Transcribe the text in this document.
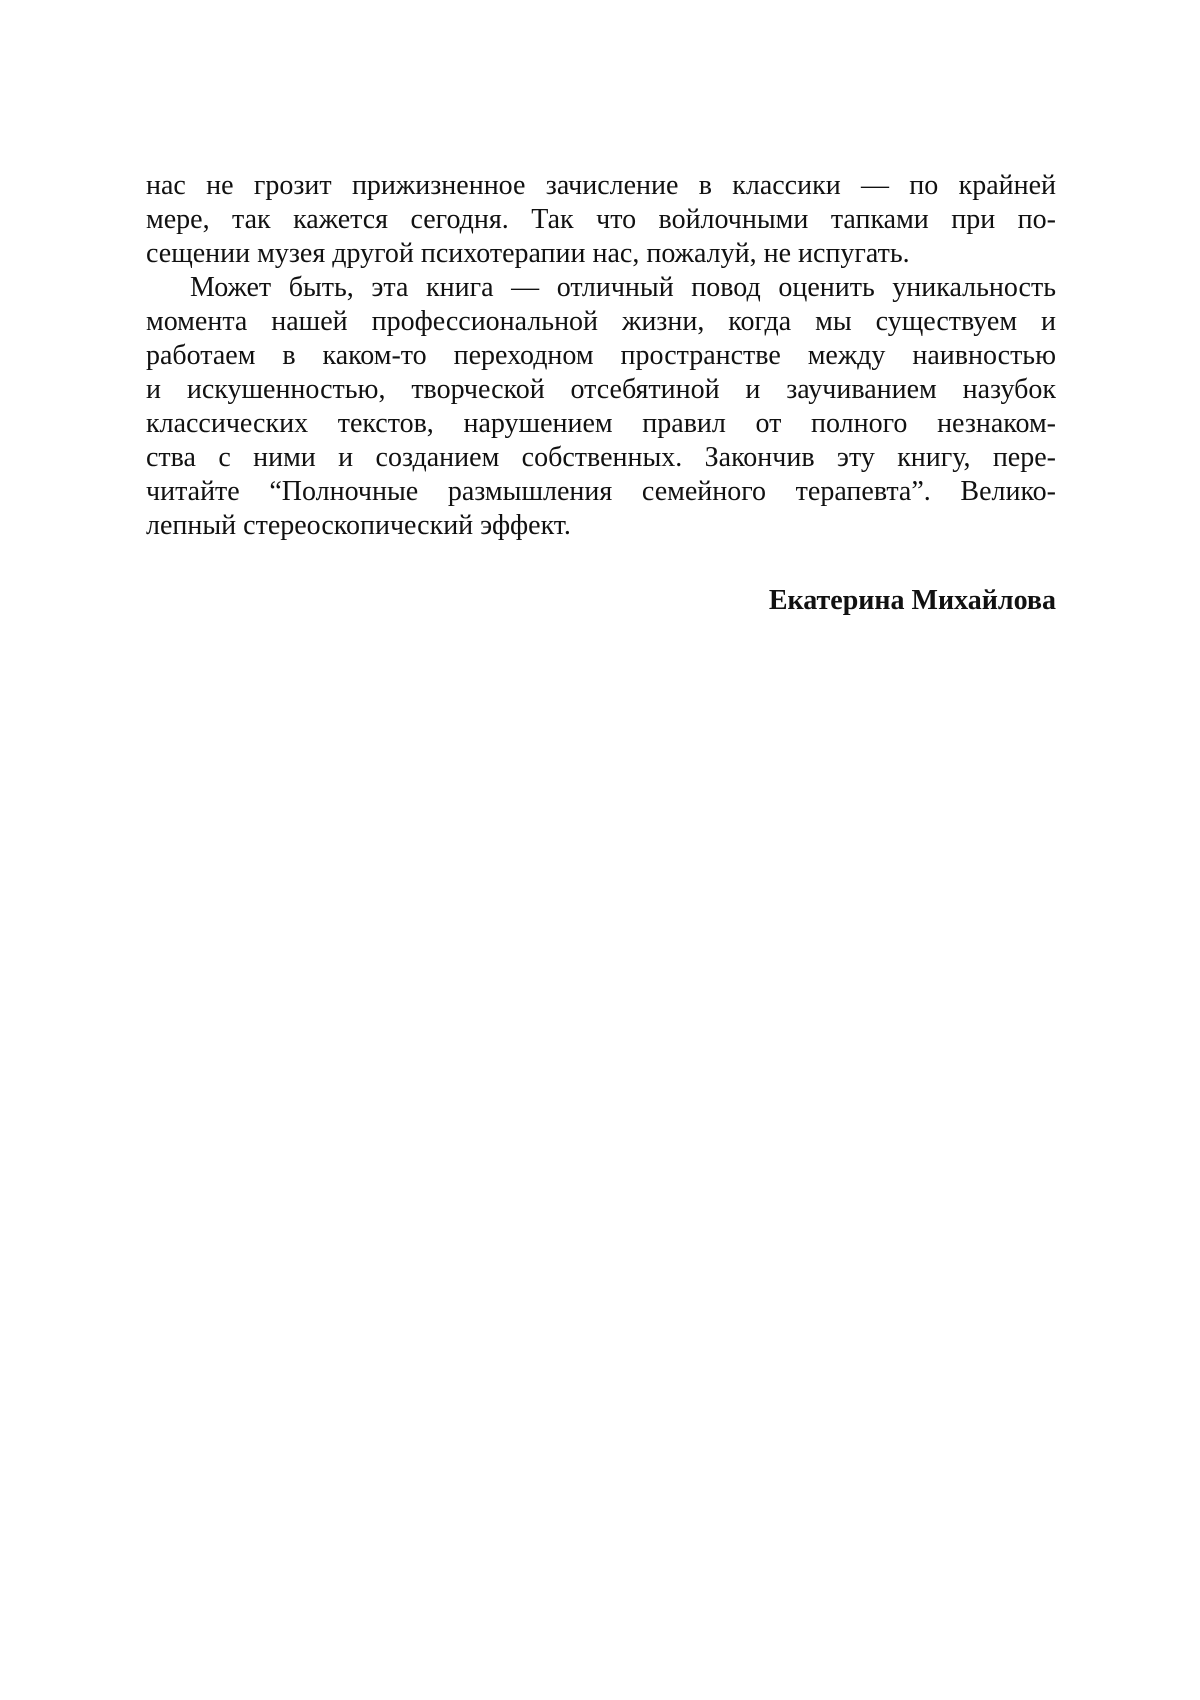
нас не грозит прижизненное зачисление в классики — по крайней
мере, так кажется сегодня. Так что войлочными тапками при по-
сещении музея другой психотерапии нас, пожалуй, не испугать.
Может быть, эта книга — отличный повод оценить уникальность
момента нашей профессиональной жизни, когда мы существуем и
работаем в каком-то переходном пространстве между наивностью
и искушенностью, творческой отсебятиной и заучиванием назубок
классических текстов, нарушением правил от полного незнаком-
ства с ними и созданием собственных. Закончив эту книгу, пере-
читайте “Полночные размышления семейного терапевта”. Велико-
лепный стереоскопический эффект.
Екатерина Михайлова
